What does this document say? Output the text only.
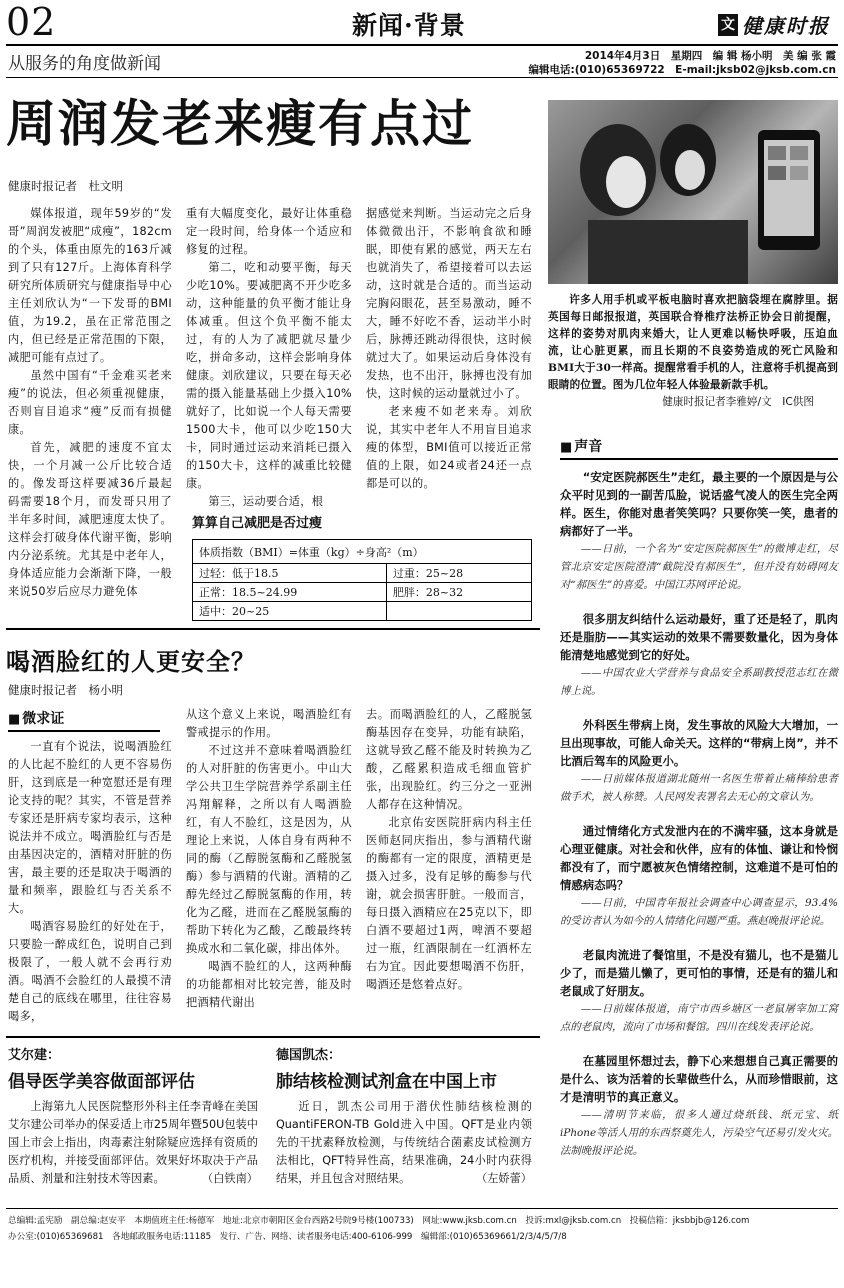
02	新闻·背景	文 健康时报
从服务的角度做新闻	2014年4月3日　星期四　编 辑 杨小明　美 编 张 霞
编辑电话:(010)65369722　E-mail:jksb02@jksb.com.cn
周润发老来瘦有点过
健康时报记者　杜文明

媒体报道，现年59岁的“发哥”周润发被肥“成瘦”，182cm的个头，体重由原先的163斤减到了只有127斤。上海体育科学研究所体质研究与健康指导中心主任刘欣认为“一下发哥的BMI值，为19.2，虽在正常范围之内，但已经是正常范围的下限，减肥可能有点过了。

虽然中国有“千金难买老来瘦”的说法，但必须重视健康，否则盲目追求“瘦”反而有损健康。

首先，减肥的速度不宜太快，一个月减一公斤比较合适的。像发哥这样要减36斤最起码需要18个月，而发哥只用了半年多时间，减肥速度太快了。这样会打破身体代谢平衡，影响内分泌系统。尤其是中老年人，身体适应能力会渐渐下降，一般来说50岁后应尽力避免体

重有大幅度变化，最好让体重稳定一段时间，给身体一个适应和修复的过程。

第二，吃和动要平衡，每天少吃10%。要减肥离不开少吃多动，这种能量的负平衡才能让身体减重。但这个负平衡不能太过，有的人为了减肥就尽量少吃，拼命多动，这样会影响身体健康。刘欣建议，只要在每天必需的摄入能量基础上少摄入10%就好了，比如说一个人每天需要1500大卡，他可以少吃150大卡，同时通过运动来消耗已摄入的150大卡，这样的减重比较健康。

第三，运动要合适，根

据感觉来判断。当运动完之后身体微微出汗，不影响食欲和睡眠，即使有累的感觉，两天左右也就消失了，希望接着可以去运动，这时就是合适的。而当运动完胸闷眼花，甚至易激动，睡不大，睡不好吃不香，运动半小时后，脉搏还跳动得很快，这时候就过大了。如果运动后身体没有发热，也不出汗，脉搏也没有加快，这时候的运动量就过小了。

老来瘦不如老来寿。刘欣说，其实中老年人不用盲目追求瘦的体型，BMI值可以接近正常值的上限，如24或者24还一点都是可以的。

算算自己减肥是否过瘦
体质指数（BMI）=体重（kg）÷身高²（m）	
过轻：低于18.5	过重：25~28
正常：18.5~24.99	肥胖：28~32
适中：20~25	

许多人用手机或平板电脑时喜欢把脑袋埋在腐脖里。据英国每日邮报报道，英国联合脊椎疗法桥正协会日前提醒，这样的姿势对肌肉来婚大，让人更难以畅快呼吸，压迫血流，让心脏更累，而且长期的不良姿势造成的死亡风险和BMI大于30一样高。提醒常看手机的人，注意将手机提高到眼睛的位置。图为几位年轻人体验最新款手机。

健康时报记者李雅婷/文　IC供图

■ 声音

“安定医院郝医生”走红，最主要的一个原因是与公众平时见到的一副苦瓜脸，说话盛气凌人的医生完全两样。医生，你能对患者笑笑吗？只要你笑一笑，患者的病都好了一半。

——日前，一个名为“安定医院郝医生”的微博走红，尽管北京安定医院澄清“截院没有郝医生”，但并没有妨碍网友对“郝医生”的喜爱。中国江苏网评论说。

很多朋友纠结什么运动最好，重了还是轻了，肌肉还是脂肪——其实运动的效果不需要数量化，因为身体能清楚地感觉到它的好处。

——中国农业大学营养与食品安全系副教授范志红在微博上说。

外科医生带病上岗，发生事故的风险大大增加，一旦出现事故，可能人命关天。这样的“带病上岗”，并不比酒后驾车的风险更小。

——日前媒体报道湖北随州一名医生带着止痛棒给患者做手术，被人称赞。人民网发表署名去无心的文章认为。

通过情绪化方式发泄内在的不满牢骚，这本身就是心理亚健康。对社会和伙伴，应有的体恤、谦让和怜悯都没有了，而宁愿被灰色情绪控制，这难道不是可怕的情感病态吗？

——日前，中国青年报社会调查中心调查显示，93.4%的受访者认为如今的人情绪化问题严重。燕赵晚报评论说。

老鼠肉流进了餐馆里，不是没有猫儿，也不是猫儿少了，而是猫儿懒了，更可怕的事情，还是有的猫儿和老鼠成了好朋友。

——日前媒体报道，南宁市西乡塘区一老鼠屠宰加工窝点的老鼠肉，流向了市场和餐馆。四川在线发表评论说。

在墓园里怀想过去，静下心来想想自己真正需要的是什么、该为活着的长辈做些什么，从而珍惜眼前，这才是清明节的真正意义。

——清明节来临，很多人通过烧纸钱、纸元宝、纸iPhone等活人用的东西祭奠先人，污染空气还易引发火灾。法制晚报评论说。

喝酒脸红的人更安全？
健康时报记者　杨小明
■ 微求证

一直有个说法，说喝酒脸红的人比起不脸红的人更不容易伤肝，这到底是一种宽慰还是有理论支持的呢？其实，不管是营养专家还是肝病专家均表示，这种说法并不成立。喝酒脸红与否是由基因决定的，酒精对肝脏的伤害，最主要的还是取决于喝酒的量和频率，跟脸红与否关系不大。

喝酒容易脸红的好处在于，只要脸一醉成红色，说明自己到极限了，一般人就不会再行劝酒。喝酒不会脸红的人最摸不清楚自己的底线在哪里，往往容易喝多，

从这个意义上来说，喝酒脸红有警戒提示的作用。

不过这并不意味着喝酒脸红的人对肝脏的伤害更小。中山大学公共卫生学院营养学系副主任冯翔解释，之所以有人喝酒脸红，有人不脸红，这是因为，从理论上来说，人体自身有两种不同的酶（乙醇脱氢酶和乙醛脱氢酶）参与酒精的代谢。酒精的乙醇先经过乙醇脱氢酶的作用，转化为乙醛，进而在乙醛脱氢酶的帮助下转化为乙酸，乙酸最终转换成水和二氧化碳，排出体外。

喝酒不脸红的人，这两种酶的功能都相对比较完善，能及时把酒精代谢出

去。而喝酒脸红的人，乙醛脱氢酶基因存在变异，功能有缺陷，这就导致乙醛不能及时转换为乙酸，乙醛累积造成毛细血管扩张，出现脸红。约三分之一亚洲人都存在这种情况。

北京佑安医院肝病内科主任医师赵同庆指出，参与酒精代谢的酶都有一定的限度，酒精更是摄入过多，没有足够的酶参与代谢，就会损害肝脏。一般而言，每日摄入酒精应在25克以下，即白酒不要超过1两，啤酒不要超过一瓶，红酒限制在一红酒杯左右为宜。因此要想喝酒不伤肝，喝酒还是悠着点好。

艾尔建：
倡导医学美容做面部评估

上海第九人民医院整形外科主任李青峰在美国艾尔建公司举办的保妥适上市25周年暨50U包装中国上市会上指出，肉毒素注射除疑应选择有资质的医疗机构，并接受面部评估。效果好坏取决于产品品质、剂量和注射技术等因素。	（白铁南）

德国凯杰：
肺结核检测试剂盒在中国上市

近日，凯杰公司用于潜伏性肺结核检测的QuantiFERON-TB Gold进入中国。QFT是业内领先的干扰素释放检测，与传统结合菌素皮试检测方法相比，QFT特异性高，结果准确，24小时内获得结果，并且包含对照结果。	（左娇蕾）

总编辑:孟宪励　副总编:赵安平　本期值班主任:杨德军　地址:北京市朝阳区金台西路2号院9号楼(100733)　网址:www.jksb.com.cn　投诉:mxl@jksb.com.cn　投稿信箱：jksbbjb@126.com
办公室:(010)65369681　各地邮政服务电话:11185　发行、广告、网络、读者服务电话:400-6106-999　编辑部:(010)65369661/2/3/4/5/7/8
